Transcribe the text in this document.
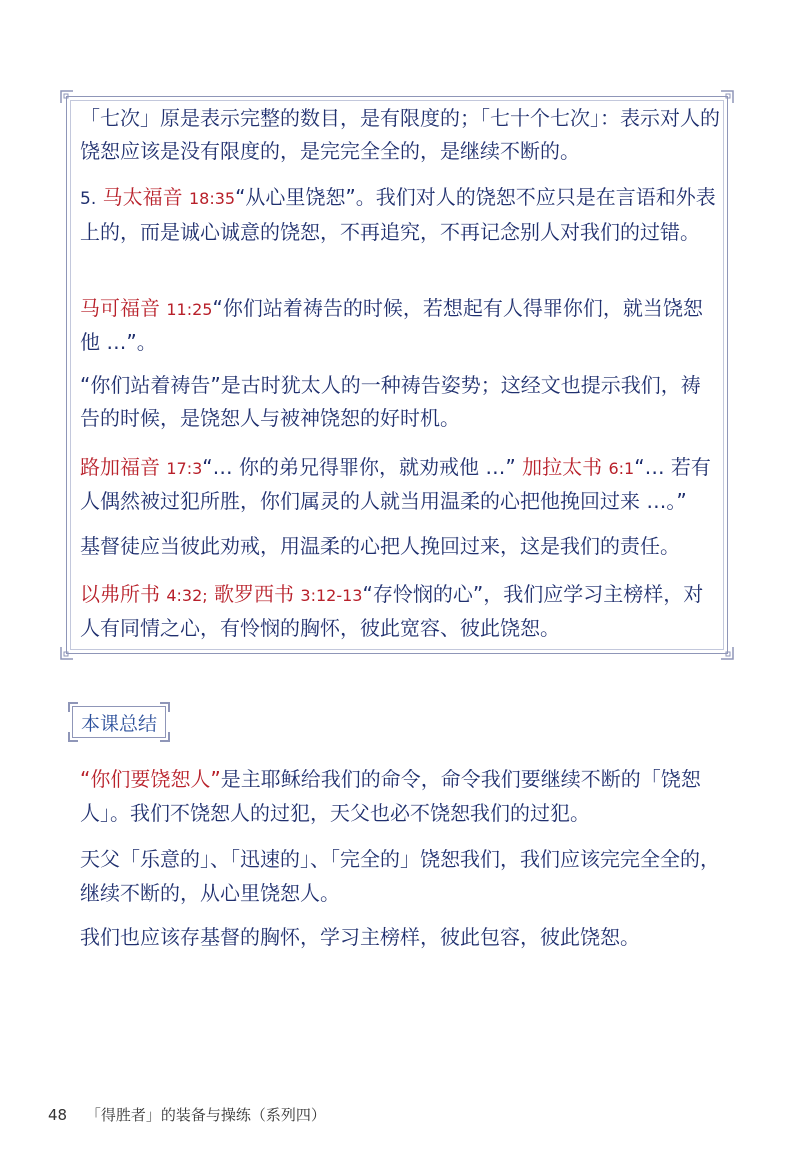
「七次」原是表示完整的数目，是有限度的；「七十个七次」：表示对人的饶恕应该是没有限度的，是完完全全的，是继续不断的。

5. 马太福音 18:35“从心里饶恕”。我们对人的饶恕不应只是在言语和外表上的，而是诚心诚意的饶恕，不再追究，不再记念别人对我们的过错。

马可福音 11:25“你们站着祷告的时候，若想起有人得罪你们，就当饶恕他 …”。

“你们站着祷告”是古时犹太人的一种祷告姿势；这经文也提示我们，祷告的时候，是饶恕人与被神饶恕的好时机。

路加福音 17:3“… 你的弟兄得罪你，就劝戒他 …” 加拉太书 6:1“… 若有人偶然被过犯所胜，你们属灵的人就当用温柔的心把他挽回过来 …。”

基督徒应当彼此劝戒，用温柔的心把人挽回过来，这是我们的责任。

以弗所书 4:32; 歌罗西书 3:12-13“存怜悯的心”，我们应学习主榜样，对人有同情之心，有怜悯的胸怀，彼此宽容、彼此饶恕。

本课总结

“你们要饶恕人”是主耶稣给我们的命令，命令我们要继续不断的「饶恕人」。我们不饶恕人的过犯，天父也必不饶恕我们的过犯。

天父「乐意的」、「迅速的」、「完全的」饶恕我们，我们应该完完全全的，继续不断的，从心里饶恕人。

我们也应该存基督的胸怀，学习主榜样，彼此包容，彼此饶恕。

48 「得胜者」的装备与操练（系列四）
